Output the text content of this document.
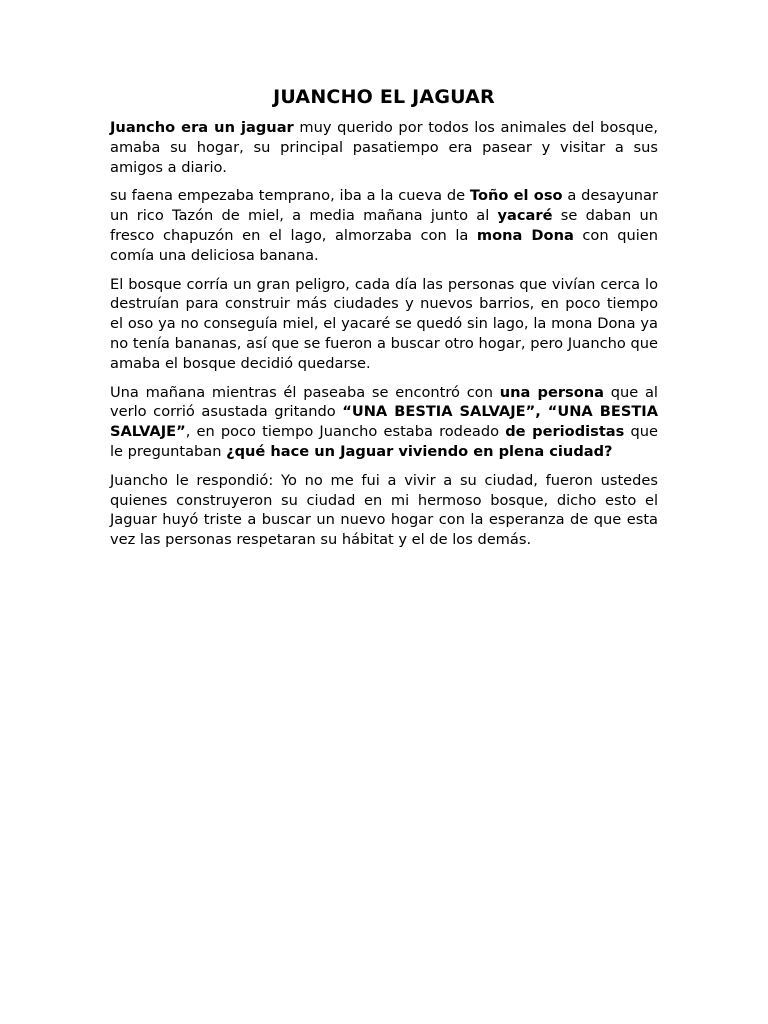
JUANCHO EL JAGUAR

Juancho era un jaguar muy querido por todos los animales del bosque, amaba su hogar, su principal pasatiempo era pasear y visitar a sus amigos a diario.

su faena empezaba temprano, iba a la cueva de Toño el oso a desayunar un rico Tazón de miel, a media mañana junto al yacaré se daban un fresco chapuzón en el lago, almorzaba con la mona Dona con quien comía una deliciosa banana.

El bosque corría un gran peligro, cada día las personas que vivían cerca lo destruían para construir más ciudades y nuevos barrios, en poco tiempo el oso ya no conseguía miel, el yacaré se quedó sin lago, la mona Dona ya no tenía bananas, así que se fueron a buscar otro hogar, pero Juancho que amaba el bosque decidió quedarse.

Una mañana mientras él paseaba se encontró con una persona que al verlo corrió asustada gritando “UNA BESTIA SALVAJE”, “UNA BESTIA SALVAJE”, en poco tiempo Juancho estaba rodeado de periodistas que le preguntaban ¿qué hace un Jaguar viviendo en plena ciudad?

Juancho le respondió: Yo no me fui a vivir a su ciudad, fueron ustedes quienes construyeron su ciudad en mi hermoso bosque, dicho esto el Jaguar huyó triste a buscar un nuevo hogar con la esperanza de que esta vez las personas respetaran su hábitat y el de los demás.
